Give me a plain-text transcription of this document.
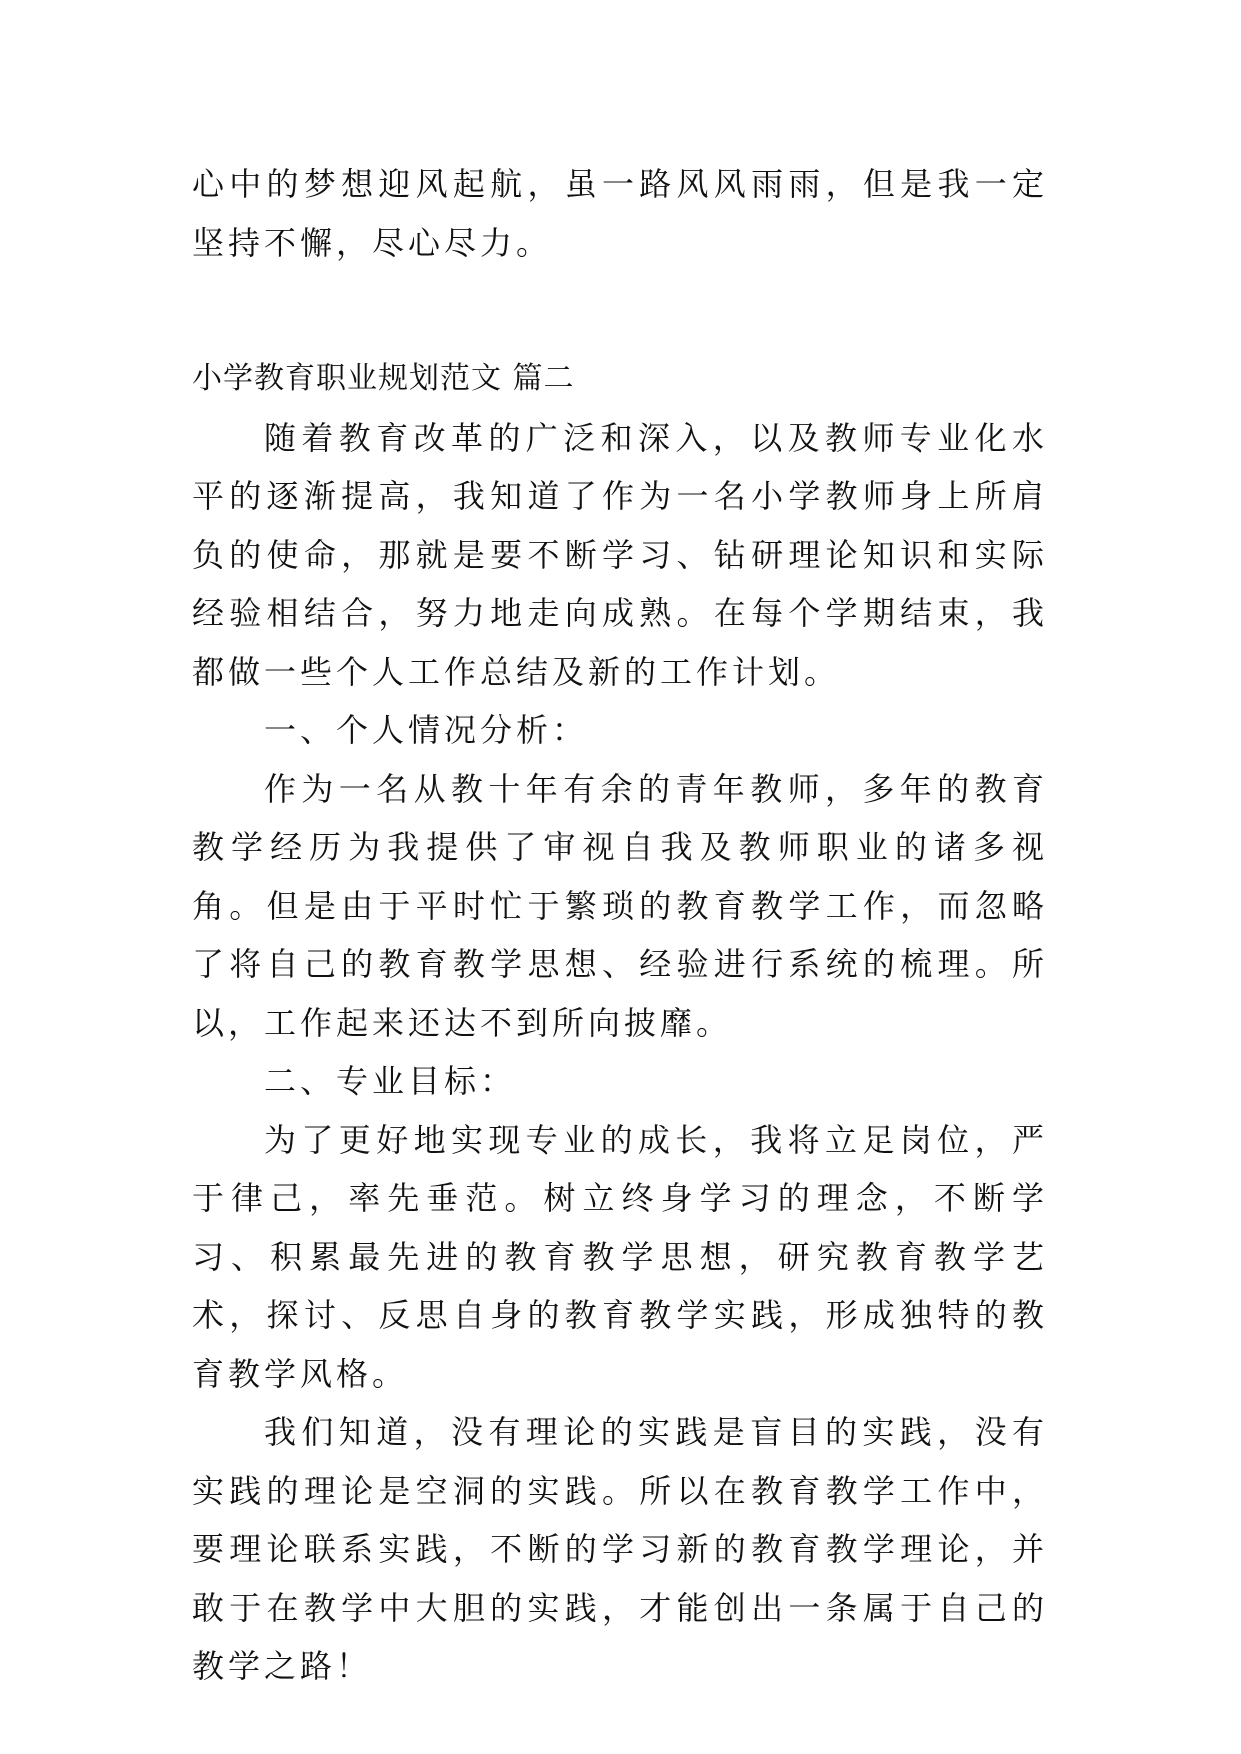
心中的梦想迎风起航，虽一路风风雨雨，但是我一定坚持不懈，尽心尽力。

小学教育职业规划范文 篇二

随着教育改革的广泛和深入，以及教师专业化水平的逐渐提高，我知道了作为一名小学教师身上所肩负的使命，那就是要不断学习、钻研理论知识和实际经验相结合，努力地走向成熟。在每个学期结束，我都做一些个人工作总结及新的工作计划。

一、个人情况分析：

作为一名从教十年有余的青年教师，多年的教育教学经历为我提供了审视自我及教师职业的诸多视角。但是由于平时忙于繁琐的教育教学工作，而忽略了将自己的教育教学思想、经验进行系统的梳理。所以，工作起来还达不到所向披靡。

二、专业目标：

为了更好地实现专业的成长，我将立足岗位，严于律己，率先垂范。树立终身学习的理念，不断学习、积累最先进的教育教学思想，研究教育教学艺术，探讨、反思自身的教育教学实践，形成独特的教育教学风格。

我们知道，没有理论的实践是盲目的实践，没有实践的理论是空洞的实践。所以在教育教学工作中，要理论联系实践，不断的学习新的教育教学理论，并敢于在教学中大胆的实践，才能创出一条属于自己的教学之路！
